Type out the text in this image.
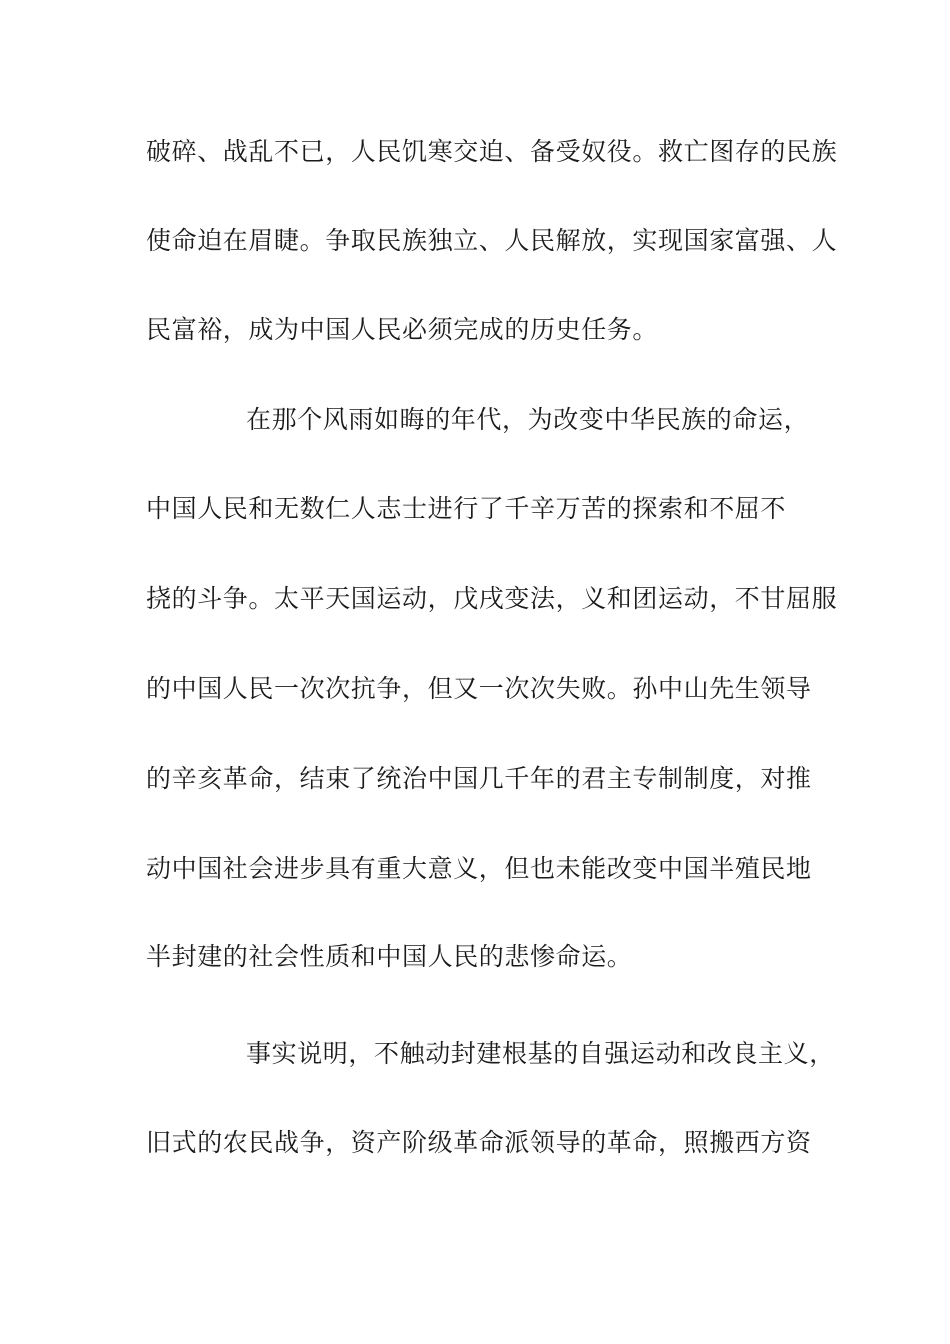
破碎、战乱不已，人民饥寒交迫、备受奴役。救亡图存的民族
使命迫在眉睫。争取民族独立、人民解放，实现国家富强、人
民富裕，成为中国人民必须完成的历史任务。
在那个风雨如晦的年代，为改变中华民族的命运，
中国人民和无数仁人志士进行了千辛万苦的探索和不屈不
挠的斗争。太平天国运动，戊戌变法，义和团运动，不甘屈服
的中国人民一次次抗争，但又一次次失败。孙中山先生领导
的辛亥革命，结束了统治中国几千年的君主专制制度，对推
动中国社会进步具有重大意义，但也未能改变中国半殖民地
半封建的社会性质和中国人民的悲惨命运。
事实说明，不触动封建根基的自强运动和改良主义，
旧式的农民战争，资产阶级革命派领导的革命，照搬西方资
